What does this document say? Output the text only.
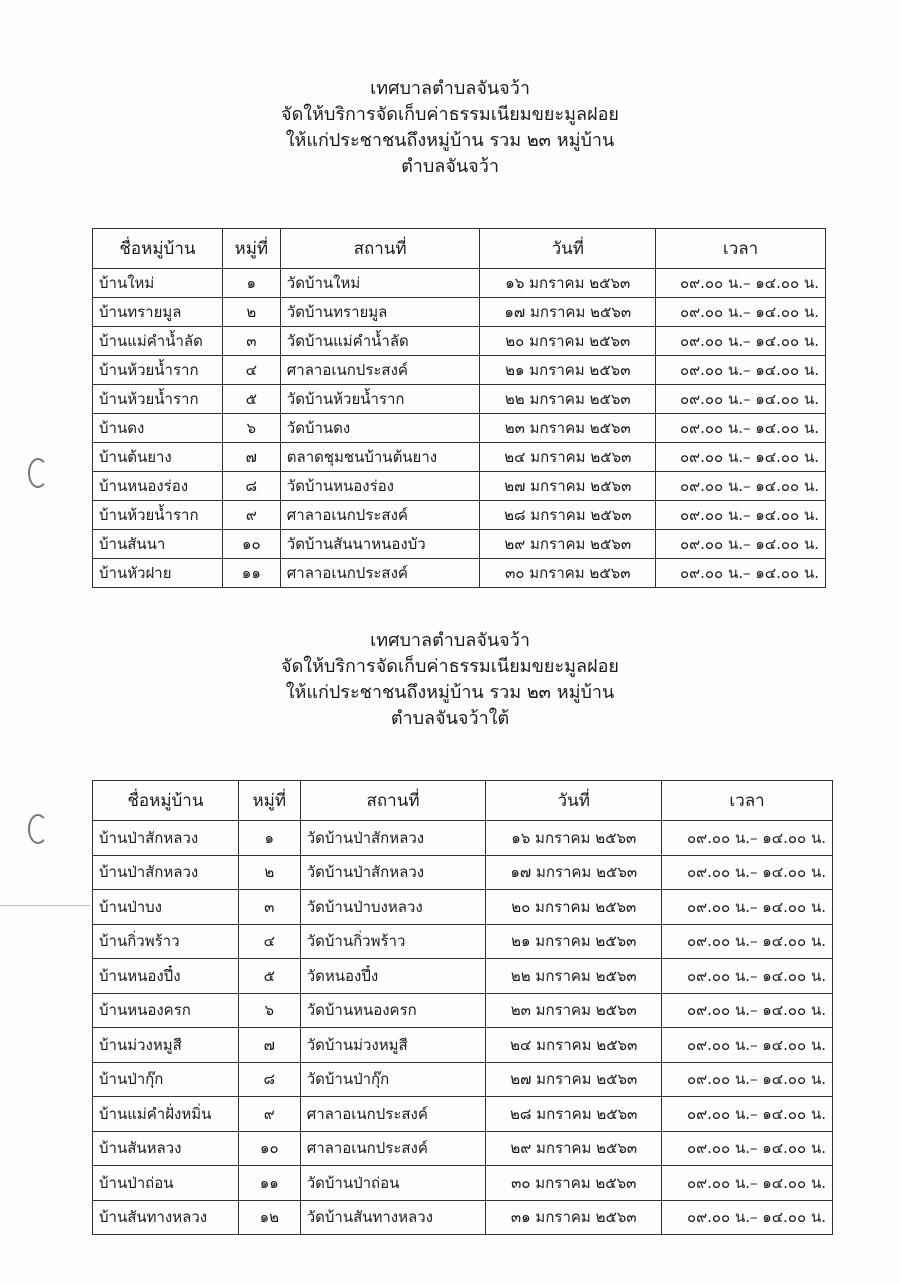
เทศบาลตำบลจันจว้า
จัดให้บริการจัดเก็บค่าธรรมเนียมขยะมูลฝอย
ให้แก่ประชาชนถึงหมู่บ้าน รวม ๒๓ หมู่บ้าน
ตำบลจันจว้า
ชื่อหมู่บ้าน	หมู่ที่	สถานที่	วันที่	เวลา
บ้านใหม่	๑	วัดบ้านใหม่	๑๖ มกราคม ๒๕๖๓	๐๙.๐๐ น.– ๑๔.๐๐ น.
บ้านทรายมูล	๒	วัดบ้านทรายมูล	๑๗ มกราคม ๒๕๖๓	๐๙.๐๐ น.– ๑๔.๐๐ น.
บ้านแม่คำน้ำลัด	๓	วัดบ้านแม่คำน้ำลัด	๒๐ มกราคม ๒๕๖๓	๐๙.๐๐ น.– ๑๔.๐๐ น.
บ้านห้วยน้ำราก	๔	ศาลาอเนกประสงค์	๒๑ มกราคม ๒๕๖๓	๐๙.๐๐ น.– ๑๔.๐๐ น.
บ้านห้วยน้ำราก	๕	วัดบ้านห้วยน้ำราก	๒๒ มกราคม ๒๕๖๓	๐๙.๐๐ น.– ๑๔.๐๐ น.
บ้านดง	๖	วัดบ้านดง	๒๓ มกราคม ๒๕๖๓	๐๙.๐๐ น.– ๑๔.๐๐ น.
บ้านต้นยาง	๗	ตลาดชุมชนบ้านต้นยาง	๒๔ มกราคม ๒๕๖๓	๐๙.๐๐ น.– ๑๔.๐๐ น.
บ้านหนองร่อง	๘	วัดบ้านหนองร่อง	๒๗ มกราคม ๒๕๖๓	๐๙.๐๐ น.– ๑๔.๐๐ น.
บ้านห้วยน้ำราก	๙	ศาลาอเนกประสงค์	๒๘ มกราคม ๒๕๖๓	๐๙.๐๐ น.– ๑๔.๐๐ น.
บ้านสันนา	๑๐	วัดบ้านสันนาหนองบัว	๒๙ มกราคม ๒๕๖๓	๐๙.๐๐ น.– ๑๔.๐๐ น.
บ้านหัวฝาย	๑๑	ศาลาอเนกประสงค์	๓๐ มกราคม ๒๕๖๓	๐๙.๐๐ น.– ๑๔.๐๐ น.
เทศบาลตำบลจันจว้า
จัดให้บริการจัดเก็บค่าธรรมเนียมขยะมูลฝอย
ให้แก่ประชาชนถึงหมู่บ้าน รวม ๒๓ หมู่บ้าน
ตำบลจันจว้าใต้
ชื่อหมู่บ้าน	หมู่ที่	สถานที่	วันที่	เวลา
บ้านป่าสักหลวง	๑	วัดบ้านป่าสักหลวง	๑๖ มกราคม ๒๕๖๓	๐๙.๐๐ น.– ๑๔.๐๐ น.
บ้านป่าสักหลวง	๒	วัดบ้านป่าสักหลวง	๑๗ มกราคม ๒๕๖๓	๐๙.๐๐ น.– ๑๔.๐๐ น.
บ้านป่าบง	๓	วัดบ้านป่าบงหลวง	๒๐ มกราคม ๒๕๖๓	๐๙.๐๐ น.– ๑๔.๐๐ น.
บ้านกิ่วพร้าว	๔	วัดบ้านกิ่วพร้าว	๒๑ มกราคม ๒๕๖๓	๐๙.๐๐ น.– ๑๔.๐๐ น.
บ้านหนองปึ๋ง	๕	วัดหนองปึ๋ง	๒๒ มกราคม ๒๕๖๓	๐๙.๐๐ น.– ๑๔.๐๐ น.
บ้านหนองครก	๖	วัดบ้านหนองครก	๒๓ มกราคม ๒๕๖๓	๐๙.๐๐ น.– ๑๔.๐๐ น.
บ้านม่วงหมูสี	๗	วัดบ้านม่วงหมูสี	๒๔ มกราคม ๒๕๖๓	๐๙.๐๐ น.– ๑๔.๐๐ น.
บ้านป่ากุ๊ก	๘	วัดบ้านป่ากุ๊ก	๒๗ มกราคม ๒๕๖๓	๐๙.๐๐ น.– ๑๔.๐๐ น.
บ้านแม่คำฝั่งหมิ่น	๙	ศาลาอเนกประสงค์	๒๘ มกราคม ๒๕๖๓	๐๙.๐๐ น.– ๑๔.๐๐ น.
บ้านสันหลวง	๑๐	ศาลาอเนกประสงค์	๒๙ มกราคม ๒๕๖๓	๐๙.๐๐ น.– ๑๔.๐๐ น.
บ้านป่าถ่อน	๑๑	วัดบ้านป่าถ่อน	๓๐ มกราคม ๒๕๖๓	๐๙.๐๐ น.– ๑๔.๐๐ น.
บ้านสันทางหลวง	๑๒	วัดบ้านสันทางหลวง	๓๑ มกราคม ๒๕๖๓	๐๙.๐๐ น.– ๑๔.๐๐ น.
